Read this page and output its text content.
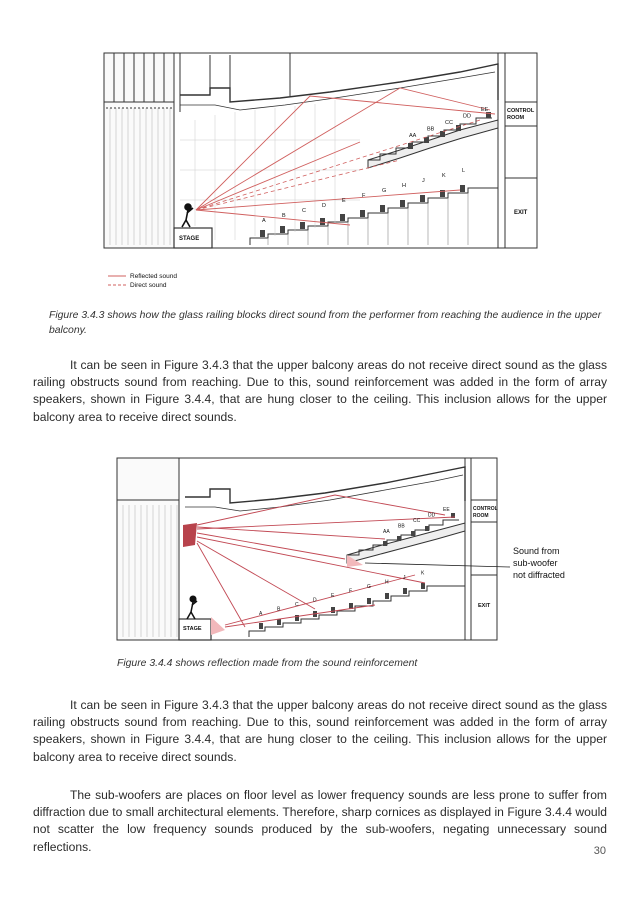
STAGE
CONTROL
ROOM
EXIT
A
B
C
D
E
F
G
H
J
K
L
AA
BB
CC
DD
EE
Reflected sound
Direct sound
Figure 3.4.3 shows how the glass railing blocks direct sound from the performer from reaching the audience in the upper balcony.

It can be seen in Figure 3.4.3 that the upper balcony areas do not receive direct sound as the glass railing obstructs sound from reaching. Due to this, sound reinforcement was added in the form of array speakers, shown in Figure 3.4.4, that are hung closer to the ceiling. This inclusion allows for the upper balcony area to receive direct sounds.

STAGE
CONTROL
ROOM
EXIT
A
B
C
D
E
F
G
H
J
K
AA
BB
CC
DD
EE
Sound from
sub-woofer
not diffracted
Figure 3.4.4 shows reflection made from the sound reinforcement

It can be seen in Figure 3.4.3 that the upper balcony areas do not receive direct sound as the glass railing obstructs sound from reaching. Due to this, sound reinforcement was added in the form of array speakers, shown in Figure 3.4.4, that are hung closer to the ceiling. This inclusion allows for the upper balcony area to receive direct sounds.

The sub-woofers are places on floor level as lower frequency sounds are less prone to suffer from diffraction due to small architectural elements. Therefore, sharp cornices as displayed in Figure 3.4.4 would not scatter the low frequency sounds produced by the sub-woofers, negating unnecessary sound reflections.	30
